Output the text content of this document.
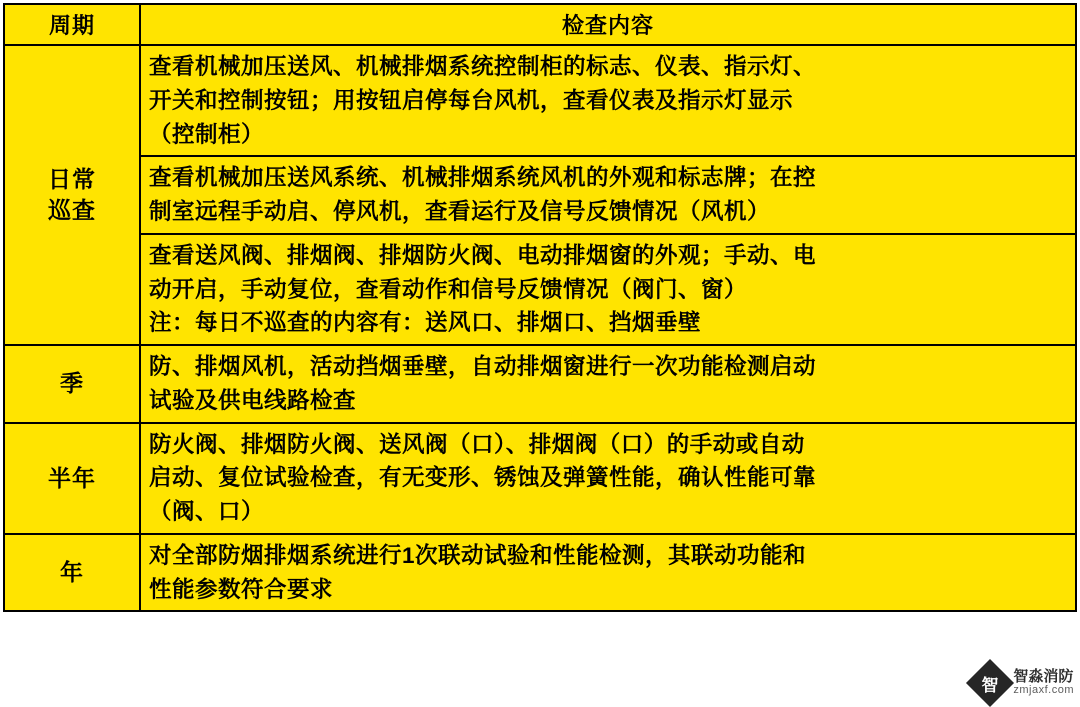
周期	检查内容

日常
巡查	查看机械加压送风、机械排烟系统控制柜的标志、仪表、指示灯、
开关和控制按钮；用按钮启停每台风机，查看仪表及指示灯显示
（控制柜）

	查看机械加压送风系统、机械排烟系统风机的外观和标志牌；在控
制室远程手动启、停风机，查看运行及信号反馈情况（风机）

	查看送风阀、排烟阀、排烟防火阀、电动排烟窗的外观；手动、电
动开启，手动复位，查看动作和信号反馈情况（阀门、窗）
注：每日不巡查的内容有：送风口、排烟口、挡烟垂壁

季	防、排烟风机，活动挡烟垂壁，自动排烟窗进行一次功能检测启动
试验及供电线路检查

半年	防火阀、排烟防火阀、送风阀（口）、排烟阀（口）的手动或自动
启动、复位试验检查，有无变形、锈蚀及弹簧性能，确认性能可靠
（阀、口）

年	对全部防烟排烟系统进行1次联动试验和性能检测，其联动功能和
性能参数符合要求
智 智淼消防
zmjaxf.com
